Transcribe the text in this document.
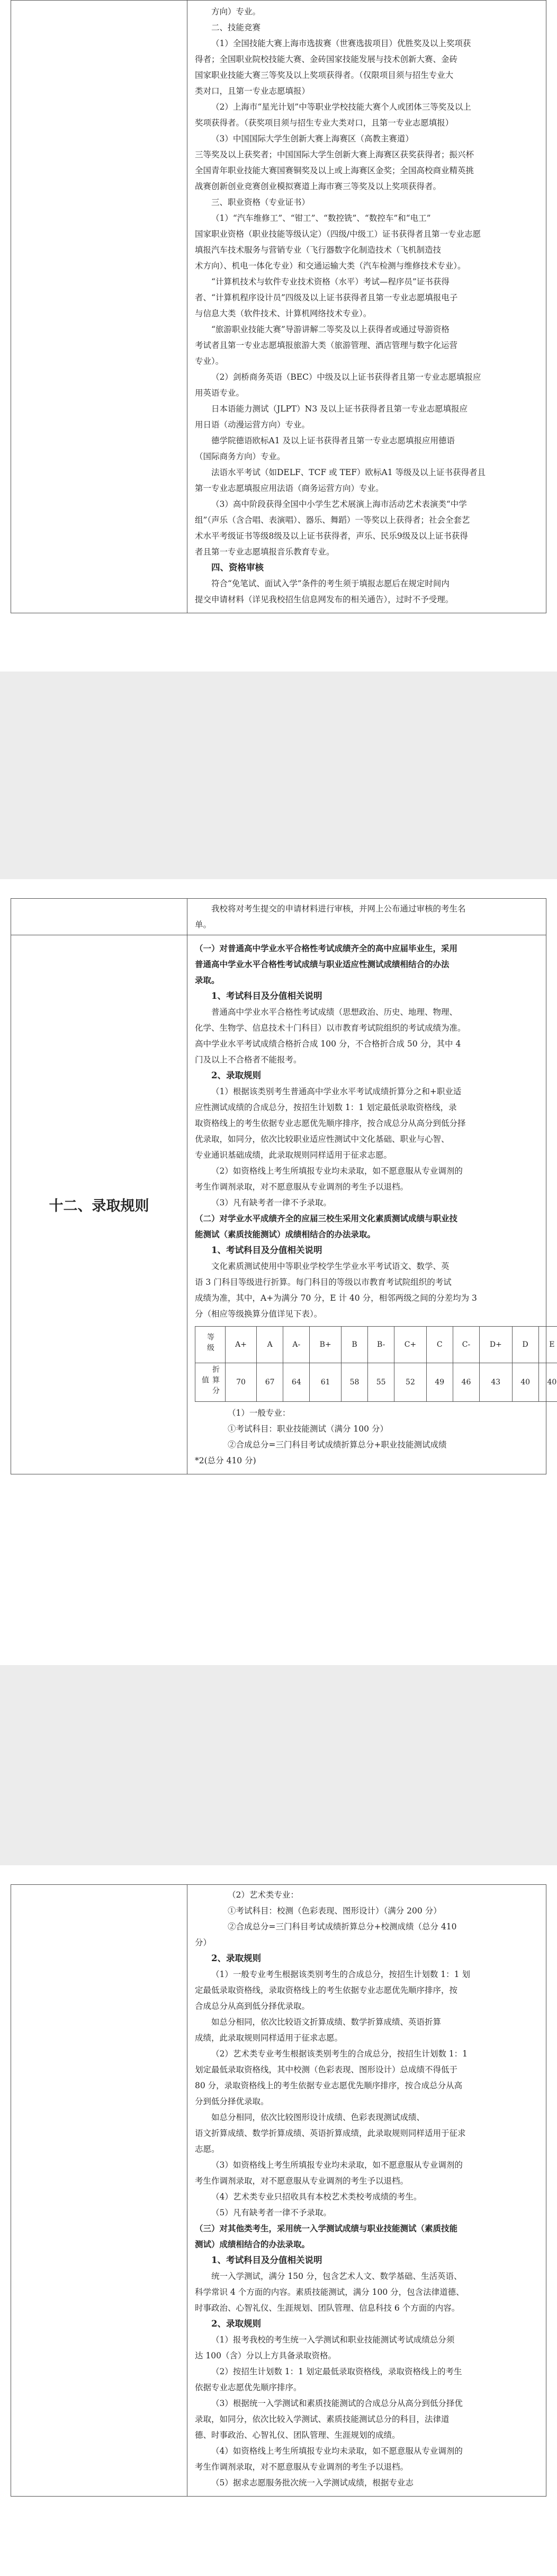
方向）专业。

二、技能竞赛

（1）全国技能大赛上海市选拔赛（世赛选拔项目）优胜奖及以上奖项获

得者；全国职业院校技能大赛、金砖国家技能发展与技术创新大赛、金砖

国家职业技能大赛三等奖及以上奖项获得者。（仅限项目须与招生专业大

类对口，且第一专业志愿填报）

（2）上海市“星光计划”中等职业学校技能大赛个人或团体三等奖及以上

奖项获得者。（获奖项目须与招生专业大类对口，且第一专业志愿填报）

（3）中国国际大学生创新大赛上海赛区（高教主赛道）

三等奖及以上获奖者；中国国际大学生创新大赛上海赛区获奖获得者；振兴杯

全国青年职业技能大赛国赛铜奖及以上或上海赛区金奖；全国高校商业精英挑

战赛创新创业竞赛创业模拟赛道上海市赛三等奖及以上奖项获得者。

三、职业资格（专业证书）

（1）“汽车维修工”、“钳工”、“数控铣”、“数控车”和“电工”

国家职业资格（职业技能等级认定）（四级/中级工）证书获得者且第一专业志愿

填报汽车技术服务与营销专业（飞行器数字化制造技术（飞机制造技

术方向）、机电一体化专业）和交通运输大类（汽车检测与维修技术专业）。

“计算机技术与软件专业技术资格（水平）考试—程序员”证书获得

者、“计算机程序设计员”四级及以上证书获得者且第一专业志愿填报电子

与信息大类（软件技术、计算机网络技术专业）。

“旅游职业技能大赛”导游讲解二等奖及以上获得者或通过导游资格

考试者且第一专业志愿填报旅游大类（旅游管理、酒店管理与数字化运营

专业）。

（2）剑桥商务英语（BEC）中级及以上证书获得者且第一专业志愿填报应

用英语专业。

日本语能力测试（JLPT）N3 及以上证书获得者且第一专业志愿填报应

用日语（动漫运营方向）专业。

德学院德语欧标A1 及以上证书获得者且第一专业志愿填报应用德语

（国际商务方向）专业。

法语水平考试（如DELF、TCF 或 TEF）欧标A1 等级及以上证书获得者且

第一专业志愿填报应用法语（商务运营方向）专业。

（3）高中阶段获得全国中小学生艺术展演上海市活动艺术表演类“中学

组”（声乐（含合唱、表演唱）、器乐、舞蹈）一等奖以上获得者；社会全套艺

术水平考级证书等级8级及以上证书获得者，声乐、民乐9级及以上证书获得

者且第一专业志愿填报音乐教育专业。

四、资格审核

符合“免笔试、面试入学”条件的考生须于填报志愿后在规定时间内

提交申请材料（详见我校招生信息网发布的相关通告），过时不予受理。

我校将对考生提交的申请材料进行审核，并网上公布通过审核的考生名

单。

十二、录取规则	

（一）对普通高中学业水平合格性考试成绩齐全的高中应届毕业生，采用

普通高中学业水平合格性考试成绩与职业适应性测试成绩相结合的办法

录取。

1、考试科目及分值相关说明

普通高中学业水平合格性考试成绩（思想政治、历史、地理、物理、

化学、生物学、信息技术十门科目）以市教育考试院组织的考试成绩为准。

高中学业水平考试成绩合格折合成 100 分，不合格折合成 50 分，其中 4

门及以上不合格者不能报考。

2、录取规则

（1）根据该类别考生普通高中学业水平考试成绩折算分之和+职业适

应性测试成绩的合成总分，按招生计划数 1：1 划定最低录取资格线，录

取资格线上的考生依据专业志愿优先顺序排序，按合成总分从高分到低分择

优录取，如同分，依次比较职业适应性测试中文化基础、职业与心智、

专业通识基础成绩，此录取规则同样适用于征求志愿。

（2）如资格线上考生所填报专业均未录取，如不愿意服从专业调剂的

考生作调剂录取，对不愿意服从专业调剂的考生予以退档。

（3）凡有缺考者一律不予录取。

（二）对学业水平成绩齐全的应届三校生采用文化素质测试成绩与职业技

能测试（素质技能测试）成绩相结合的办法录取。

1、考试科目及分值相关说明

文化素质测试使用中等职业学校学生学业水平考试语文、数学、英

语 3 门科目等级进行折算。每门科目的等级以市教育考试院组织的考试

成绩为准，其中，A+为满分 70 分，E 计 40 分，相邻两级之间的分差均为 3

分（相应等级换算分值详见下表）。

等级	A+	A	A-	B+	B	B-	C+	C	C-	D+	D	E
折算分值	70	67	64	61	58	55	52	49	46	43	40	40

（1）一般专业：

①考试科目：职业技能测试（满分 100 分）

②合成总分=三门科目考试成绩折算总分+职业技能测试成绩

*2(总分 410 分)

（2）艺术类专业：

①考试科目：校测（色彩表现、图形设计）（满分 200 分）

②合成总分=三门科目考试成绩折算总分+校测成绩（总分 410

分）

2、录取规则

（1）一般专业考生根据该类别考生的合成总分，按招生计划数 1：1 划

定最低录取资格线，录取资格线上的考生依据专业志愿优先顺序排序，按

合成总分从高到低分择优录取。

如总分相同，依次比较语文折算成绩、数学折算成绩、英语折算

成绩，此录取规则同样适用于征求志愿。

（2）艺术类专业考生根据该类别考生的合成总分，按招生计划数 1：1

划定最低录取资格线，其中校测（色彩表现、图形设计）总成绩不得低于

80 分，录取资格线上的考生依据专业志愿优先顺序排序，按合成总分从高

分到低分择优录取。

如总分相同，依次比较图形设计成绩、色彩表现测试成绩、

语文折算成绩、数学折算成绩、英语折算成绩，此录取规则同样适用于征求

志愿。

（3）如资格线上考生所填报专业均未录取，如不愿意服从专业调剂的

考生作调剂录取，对不愿意服从专业调剂的考生予以退档。

（4）艺术类专业只招收具有本校艺术类校考成绩的考生。

（5）凡有缺考者一律不予录取。

（三）对其他类考生，采用统一入学测试成绩与职业技能测试（素质技能

测试）成绩相结合的办法录取。

1、考试科目及分值相关说明

统一入学测试，满分 150 分，包含艺术人文、数学基础、生活英语、

科学常识 4 个方面的内容。素质技能测试，满分 100 分，包含法律道德、

时事政治、心智礼仪、生涯规划、团队管理、信息科技 6 个方面的内容。

2、录取规则

（1）报考我校的考生统一入学测试和职业技能测试考试成绩总分须

达 100（含）分以上方具备录取资格。

（2）按招生计划数 1：1 划定最低录取资格线，录取资格线上的考生

依据专业志愿优先顺序排序。

（3）根据统一入学测试和素质技能测试的合成总分从高分到低分择优

录取，如同分，依次比较入学测试、素质技能测试总分的科目，法律道

德、时事政治、心智礼仪、团队管理、生涯规划的成绩。

（4）如资格线上考生所填报专业均未录取，如不愿意服从专业调剂的

考生作调剂录取，对不愿意服从专业调剂的考生予以退档。

（5）据求志愿服务批次统一入学测试成绩，根据专业志
